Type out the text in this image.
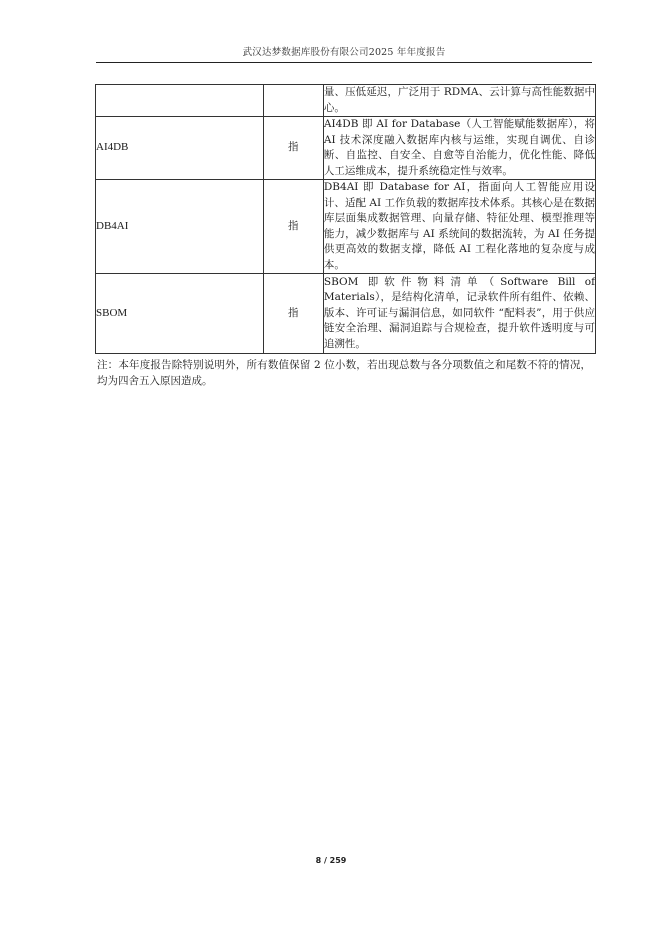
武汉达梦数据库股份有限公司2025 年年度报告
		量、压低延迟，广泛用于 RDMA、云计算与高性能数据中心。
AI4DB	指	AI4DB 即 AI for Database（人工智能赋能数据库），将 AI 技术深度融入数据库内核与运维，实现自调优、自诊断、自监控、自安全、自愈等自治能力，优化性能、降低人工运维成本，提升系统稳定性与效率。
DB4AI	指	DB4AI 即 Database for AI，指面向人工智能应用设计、适配 AI 工作负载的数据库技术体系。其核心是在数据库层面集成数据管理、向量存储、特征处理、模型推理等能力，减少数据库与 AI 系统间的数据流转，为 AI 任务提供更高效的数据支撑，降低 AI 工程化落地的复杂度与成本。
SBOM	指	SBOM 即软件物料清单（Software Bill of Materials），是结构化清单，记录软件所有组件、依赖、版本、许可证与漏洞信息，如同软件 “配料表”，用于供应链安全治理、漏洞追踪与合规检查，提升软件透明度与可追溯性。
注：本年度报告除特别说明外，所有数值保留 2 位小数，若出现总数与各分项数值之和尾数不符的情况，均为四舍五入原因造成。
8 / 259
